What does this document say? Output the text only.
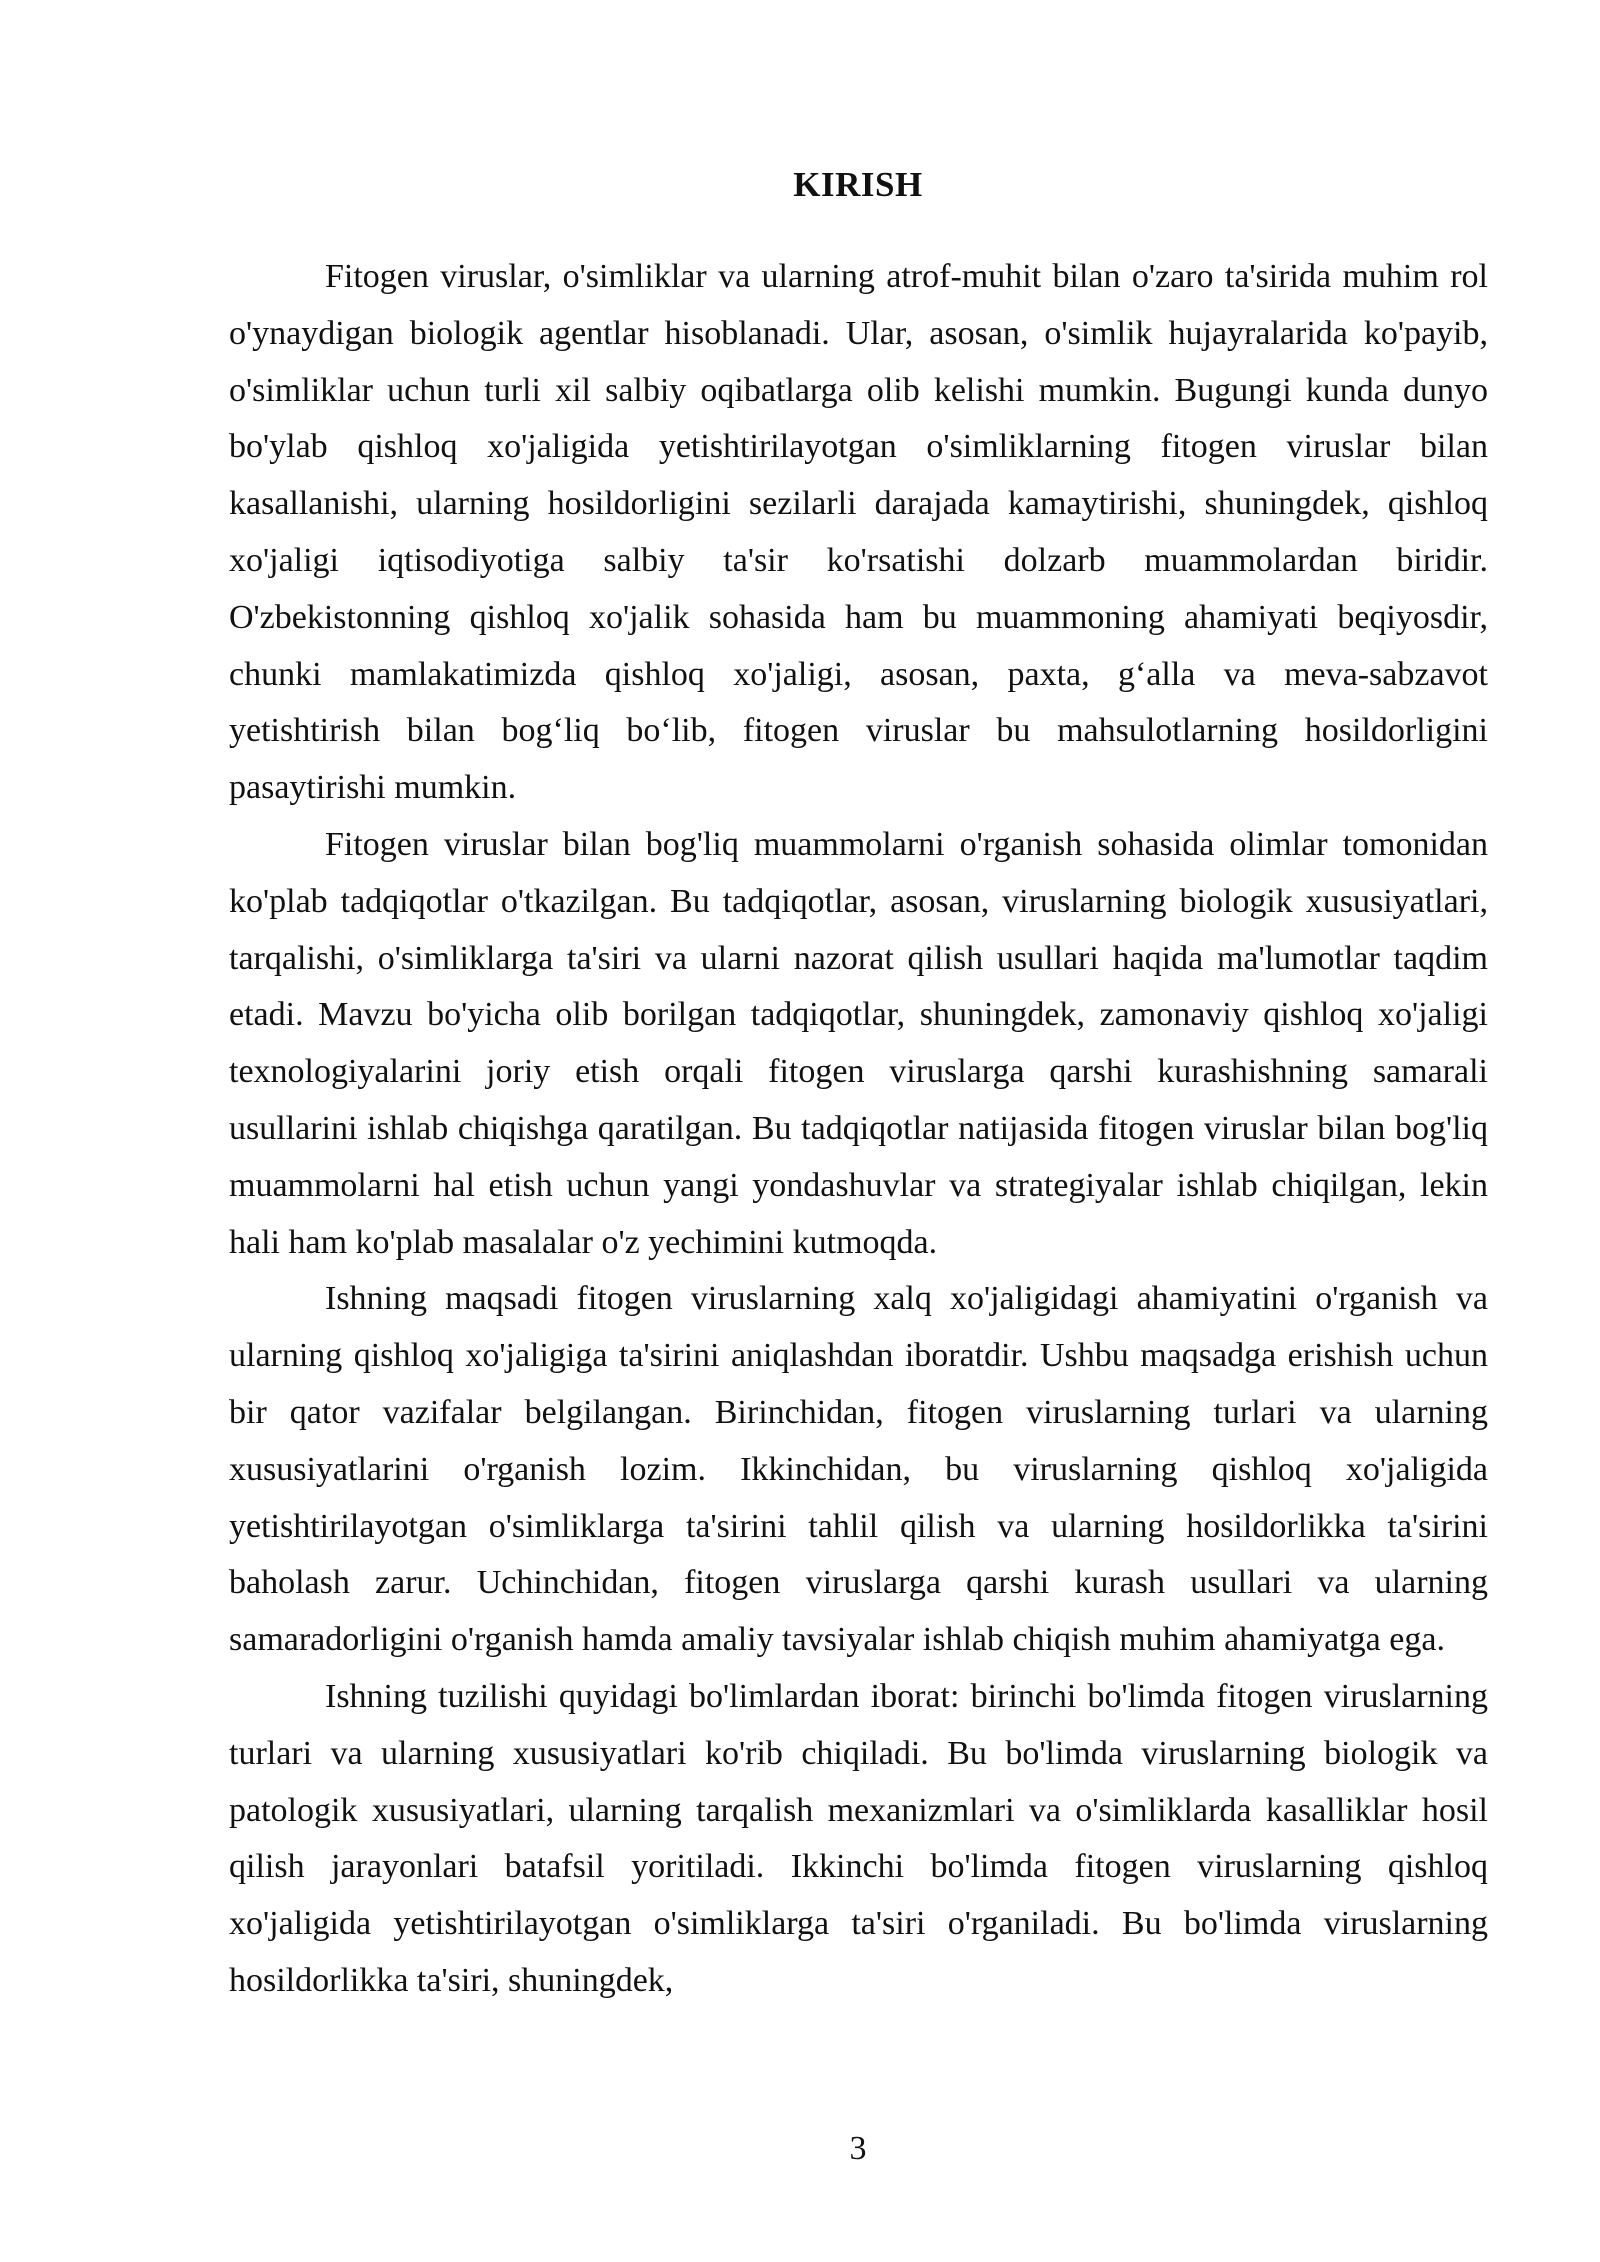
KIRISH

Fitogen viruslar, o'simliklar va ularning atrof-muhit bilan o'zaro ta'sirida muhim rol o'ynaydigan biologik agentlar hisoblanadi. Ular, asosan, o'simlik hujayralarida ko'payib, o'simliklar uchun turli xil salbiy oqibatlarga olib kelishi mumkin. Bugungi kunda dunyo bo'ylab qishloq xo'jaligida yetishtirilayotgan o'simliklarning fitogen viruslar bilan kasallanishi, ularning hosildorligini sezilarli darajada kamaytirishi, shuningdek, qishloq xo'jaligi iqtisodiyotiga salbiy ta'sir ko'rsatishi dolzarb muammolardan biridir. O'zbekistonning qishloq xo'jalik sohasida ham bu muammoning ahamiyati beqiyosdir, chunki mamlakatimizda qishloq xo'jaligi, asosan, paxta, g‘alla va meva-sabzavot yetishtirish bilan bog‘liq bo‘lib, fitogen viruslar bu mahsulotlarning hosildorligini pasaytirishi mumkin.

Fitogen viruslar bilan bog'liq muammolarni o'rganish sohasida olimlar tomonidan ko'plab tadqiqotlar o'tkazilgan. Bu tadqiqotlar, asosan, viruslarning biologik xususiyatlari, tarqalishi, o'simliklarga ta'siri va ularni nazorat qilish usullari haqida ma'lumotlar taqdim etadi. Mavzu bo'yicha olib borilgan tadqiqotlar, shuningdek, zamonaviy qishloq xo'jaligi texnologiyalarini joriy etish orqali fitogen viruslarga qarshi kurashishning samarali usullarini ishlab chiqishga qaratilgan. Bu tadqiqotlar natijasida fitogen viruslar bilan bog'liq muammolarni hal etish uchun yangi yondashuvlar va strategiyalar ishlab chiqilgan, lekin hali ham ko'plab masalalar o'z yechimini kutmoqda.

Ishning maqsadi fitogen viruslarning xalq xo'jaligidagi ahamiyatini o'rganish va ularning qishloq xo'jaligiga ta'sirini aniqlashdan iboratdir. Ushbu maqsadga erishish uchun bir qator vazifalar belgilangan. Birinchidan, fitogen viruslarning turlari va ularning xususiyatlarini o'rganish lozim. Ikkinchidan, bu viruslarning qishloq xo'jaligida yetishtirilayotgan o'simliklarga ta'sirini tahlil qilish va ularning hosildorlikka ta'sirini baholash zarur. Uchinchidan, fitogen viruslarga qarshi kurash usullari va ularning samaradorligini o'rganish hamda amaliy tavsiyalar ishlab chiqish muhim ahamiyatga ega.

Ishning tuzilishi quyidagi bo'limlardan iborat: birinchi bo'limda fitogen viruslarning turlari va ularning xususiyatlari ko'rib chiqiladi. Bu bo'limda viruslarning biologik va patologik xususiyatlari, ularning tarqalish mexanizmlari va o'simliklarda kasalliklar hosil qilish jarayonlari batafsil yoritiladi. Ikkinchi bo'limda fitogen viruslarning qishloq xo'jaligida yetishtirilayotgan o'simliklarga ta'siri o'rganiladi. Bu bo'limda viruslarning hosildorlikka ta'siri, shuningdek,

3
